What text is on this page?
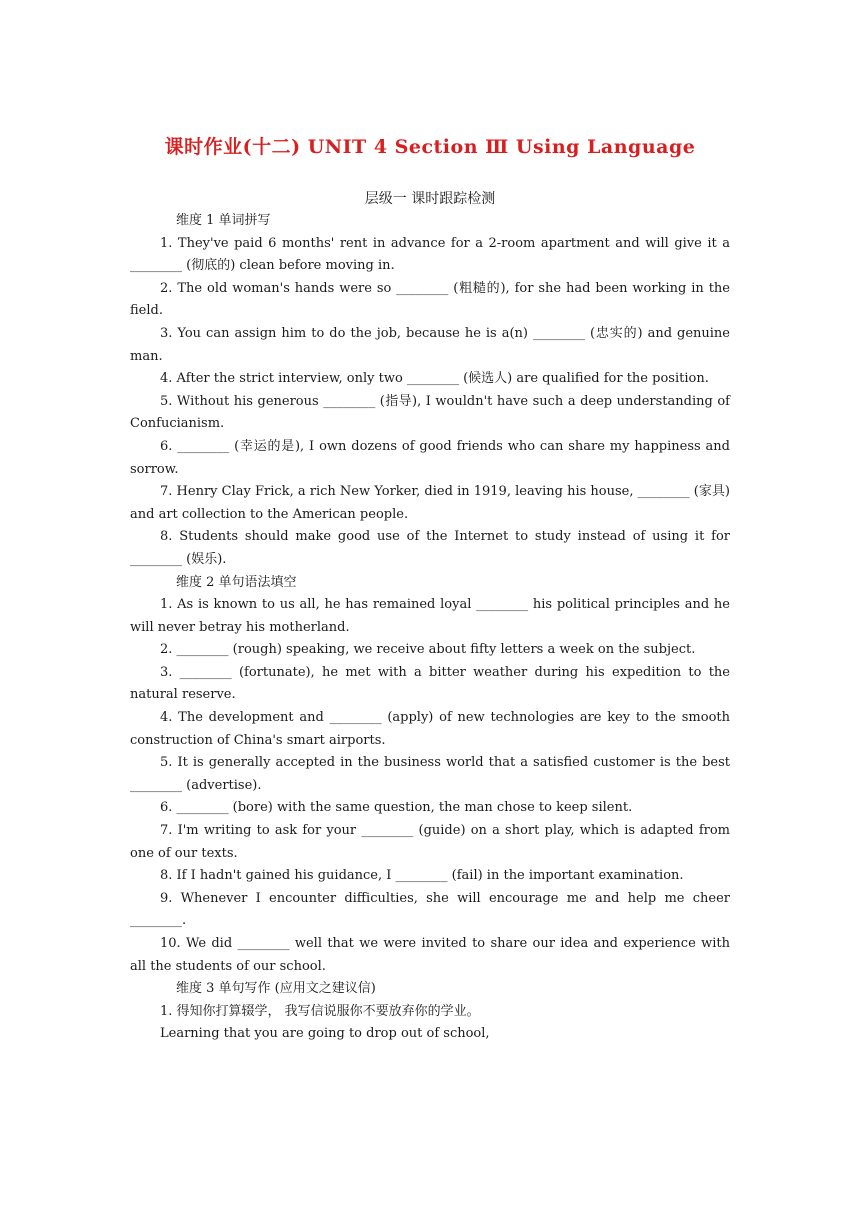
课时作业(十二) UNIT 4 Section Ⅲ Using Language
层级一 课时跟踪检测

维度 1 单词拼写

1. They've paid 6 months' rent in advance for a 2-room apartment and will give it a ________ (彻底的) clean before moving in.

2. The old woman's hands were so ________ (粗糙的), for she had been working in the field.

3. You can assign him to do the job, because he is a(n) ________ (忠实的) and genuine man.

4. After the strict interview, only two ________ (候选人) are qualified for the position.

5. Without his generous ________ (指导), I wouldn't have such a deep understanding of Confucianism.

6. ________ (幸运的是), I own dozens of good friends who can share my happiness and sorrow.

7. Henry Clay Frick, a rich New Yorker, died in 1919, leaving his house, ________ (家具) and art collection to the American people.

8. Students should make good use of the Internet to study instead of using it for ________ (娱乐).

维度 2 单句语法填空

1. As is known to us all, he has remained loyal ________ his political principles and he will never betray his motherland.

2. ________ (rough) speaking, we receive about fifty letters a week on the subject.

3. ________ (fortunate), he met with a bitter weather during his expedition to the natural reserve.

4. The development and ________ (apply) of new technologies are key to the smooth construction of China's smart airports.

5. It is generally accepted in the business world that a satisfied customer is the best ________ (advertise).

6. ________ (bore) with the same question, the man chose to keep silent.

7. I'm writing to ask for your ________ (guide) on a short play, which is adapted from one of our texts.

8. If I hadn't gained his guidance, I ________ (fail) in the important examination.

9. Whenever I encounter difficulties, she will encourage me and help me cheer ________.

10. We did ________ well that we were invited to share our idea and experience with all the students of our school.

维度 3 单句写作 (应用文之建议信)

1. 得知你打算辍学， 我写信说服你不要放弃你的学业。

Learning that you are going to drop out of school,
